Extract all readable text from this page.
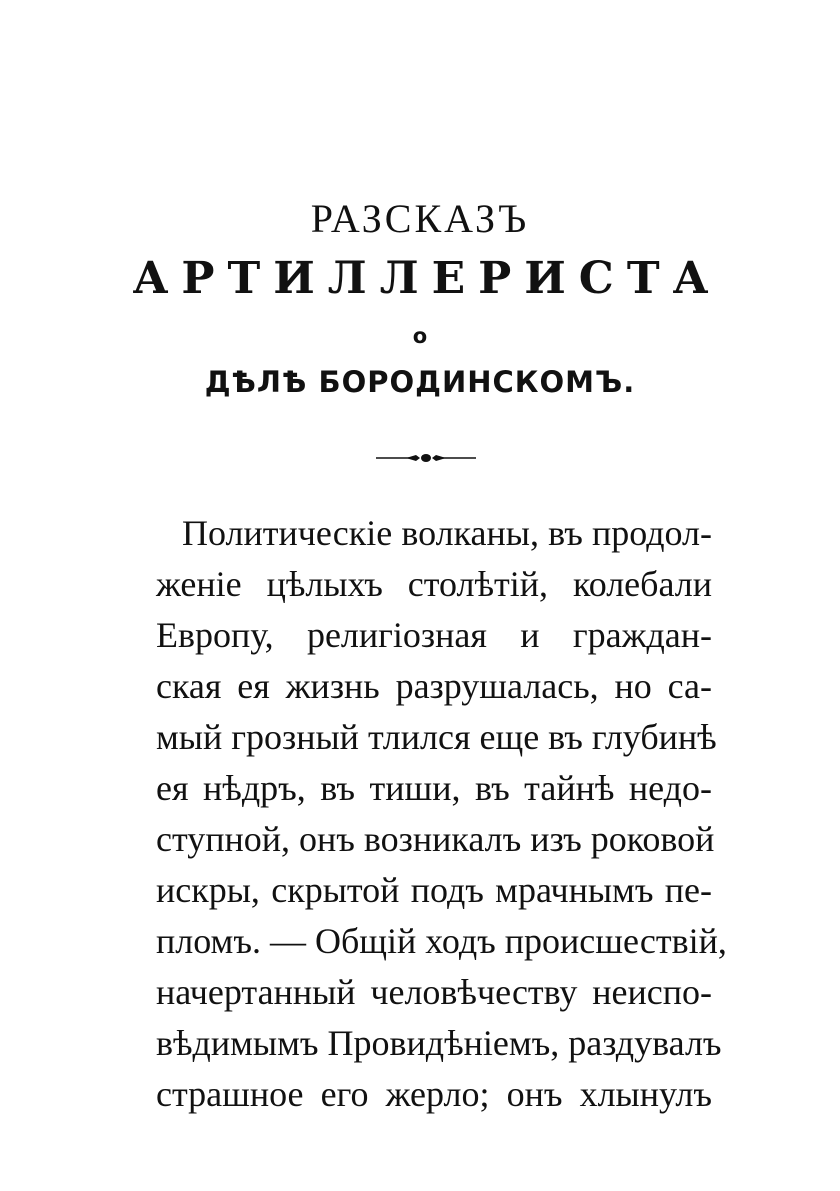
РАЗСКАЗЪ
АРТИЛЛЕРИСТА
о
ДѢЛѢ БОРОДИНСКОМЪ.
Политическіе волканы, въ продол-
женіе цѣлыхъ столѣтій, колебали
Европу, религіозная и граждан-
ская ея жизнь разрушалась, но са-
мый грозный тлился еще въ глубинѣ
ея нѣдръ, въ тиши, въ тайнѣ недо-
ступной, онъ возникалъ изъ роковой
искры, скрытой подъ мрачнымъ пе-
пломъ. — Общій ходъ происшествій,
начертанный человѣчеству неиспо-
вѣдимымъ Провидѣніемъ, раздувалъ
страшное его жерло; онъ хлынулъ
